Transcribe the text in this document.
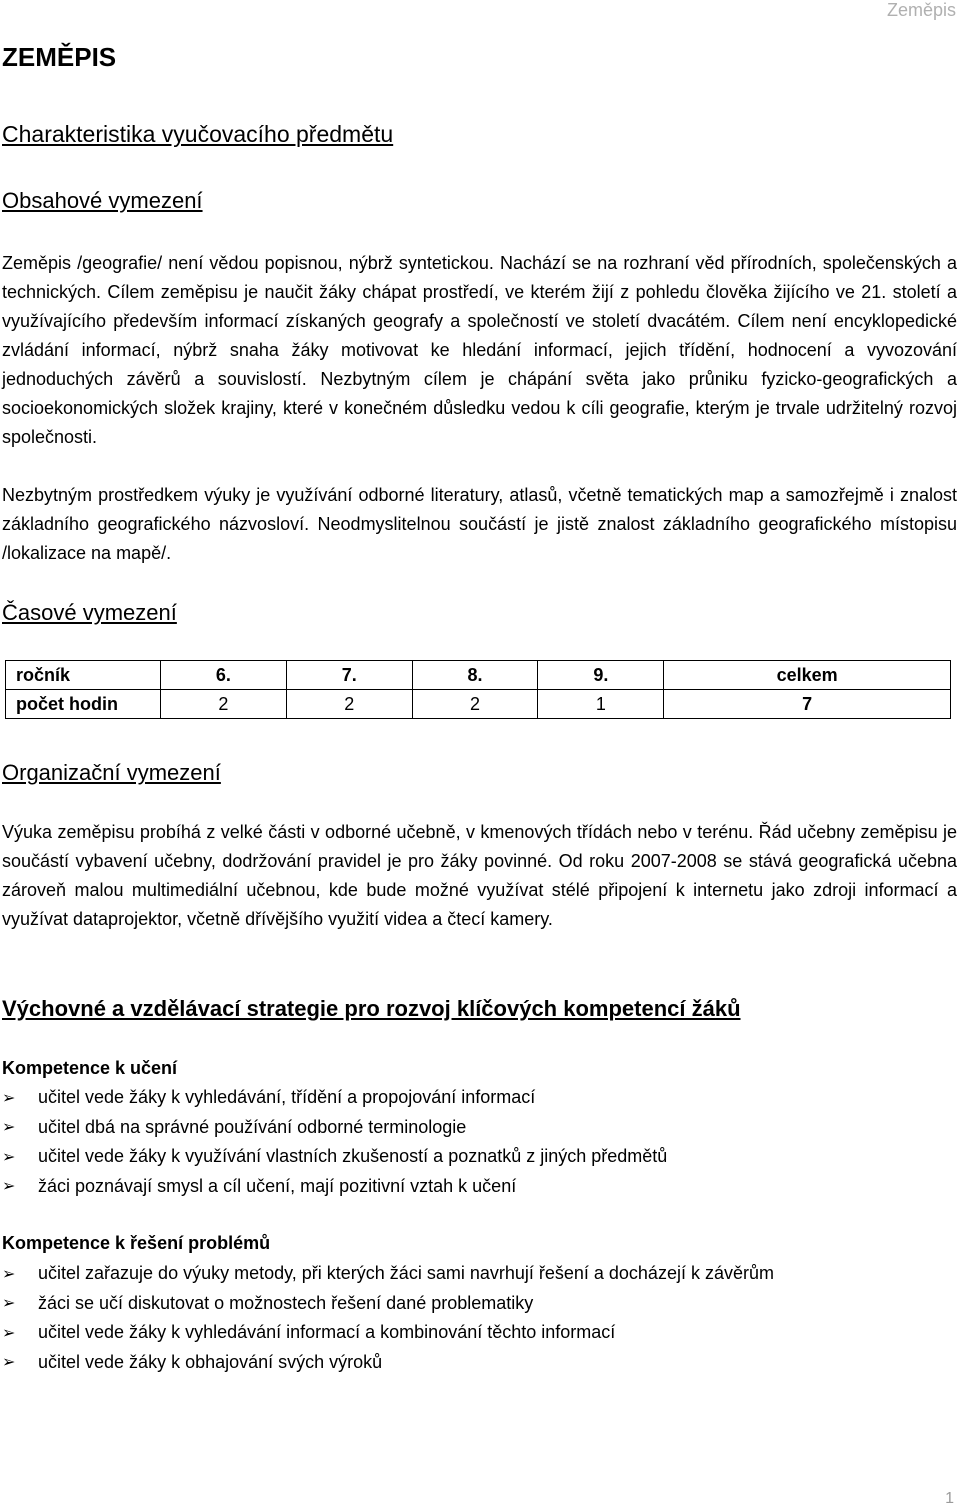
Zeměpis
ZEMĚPIS
Charakteristika vyučovacího předmětu
Obsahové vymezení

Zeměpis /geografie/ není vědou popisnou, nýbrž syntetickou. Nachází se na rozhraní věd přírodních, společenských a technických. Cílem zeměpisu je naučit žáky chápat prostředí, ve kterém žijí z pohledu člověka žijícího ve 21. století a využívajícího především informací získaných geografy a společností ve století dvacátém. Cílem není encyklopedické zvládání informací, nýbrž snaha žáky motivovat ke hledání informací, jejich třídění, hodnocení a vyvozování jednoduchých závěrů a souvislostí. Nezbytným cílem je chápání světa jako průniku fyzicko-geografických a socioekonomických složek krajiny, které v konečném důsledku vedou k cíli geografie, kterým je trvale udržitelný rozvoj společnosti.

Nezbytným prostředkem výuky je využívání odborné literatury, atlasů, včetně tematických map a samozřejmě i znalost základního geografického názvosloví. Neodmyslitelnou součástí je jistě znalost základního geografického místopisu /lokalizace na mapě/.

Časové vymezení
ročník	6.	7.	8.	9.	celkem
počet hodin	2	2	2	1	7
Organizační vymezení

Výuka zeměpisu probíhá z velké části v odborné učebně, v kmenových třídách nebo v terénu. Řád učebny zeměpisu je součástí vybavení učebny, dodržování pravidel je pro žáky povinné. Od roku 2007-2008 se stává geografická učebna zároveň malou multimediální učebnou, kde bude možné využívat stélé připojení k internetu jako zdroji informací a využívat dataprojektor, včetně dřívějšího využití videa a čtecí kamery.

Výchovné a vzdělávací strategie pro rozvoj klíčových kompetencí žáků
Kompetence k učení
➢	učitel vede žáky k vyhledávání, třídění a propojování informací
➢	učitel dbá na správné používání odborné terminologie
➢	učitel vede žáky k využívání vlastních zkušeností a poznatků z jiných předmětů
➢	žáci poznávají smysl a cíl učení, mají pozitivní vztah k učení
Kompetence k řešení problémů
➢	učitel zařazuje do výuky metody, při kterých žáci sami navrhují řešení a docházejí k závěrům
➢	žáci se učí diskutovat o možnostech řešení dané problematiky
➢	učitel vede žáky k vyhledávání informací a kombinování těchto informací
➢	učitel vede žáky k obhajování svých výroků
1
